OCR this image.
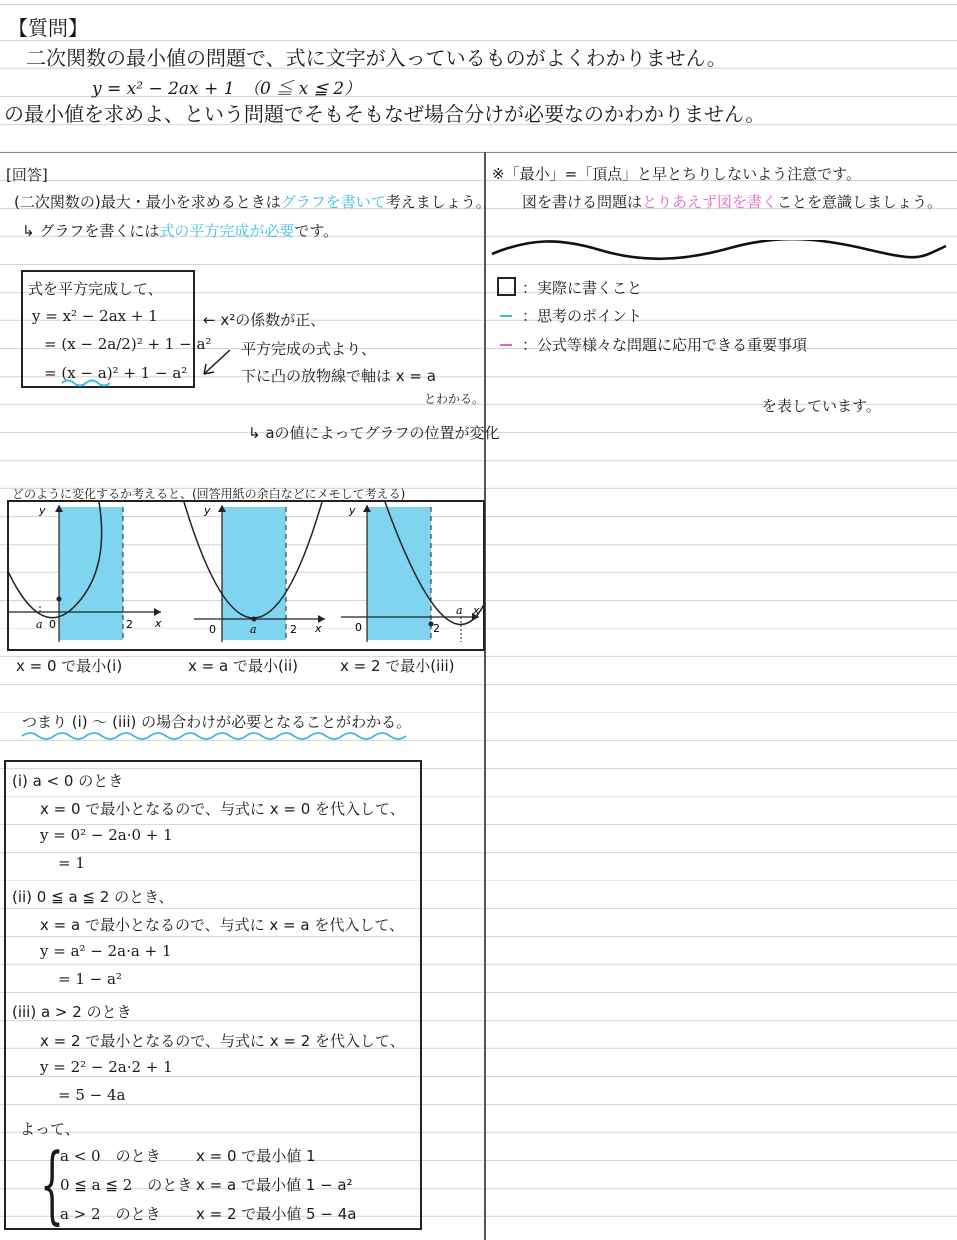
【質問】
二次関数の最小値の問題で、式に文字が入っているものがよくわかりません。
y = x² − 2ax + 1　（0 ≦ x ≦ 2）
の最小値を求めよ、という問題でそもそもなぜ場合分けが必要なのかわかりません。
[回答]
(二次関数の)最大・最小を求めるときはグラフを書いて考えましょう。
↳ グラフを書くには式の平方完成が必要です。
式を平方完成して、
y = x² − 2ax + 1
= (x − 2a/2)² + 1 − a²
= (x − a)² + 1 − a²
← x²の係数が正、
平方完成の式より、
下に凸の放物線で軸は x = a
とわかる。
↳ aの値によってグラフの位置が変化
どのように変化するか考えると、(回答用紙の余白などにメモして考える)
a 0	2 x
y
0	a	2 x
y
0	2
a x
y
x = 0 で最小(i)	x = a で最小(ii)	x = 2 で最小(iii)
つまり (i) 〜 (iii) の場合わけが必要となることがわかる。
(i) a < 0 のとき
x = 0 で最小となるので、与式に x = 0 を代入して、
y = 0² − 2a·0 + 1
= 1
(ii) 0 ≦ a ≦ 2 のとき、
x = a で最小となるので、与式に x = a を代入して、
y = a² − 2a·a + 1
= 1 − a²
(iii) a > 2 のとき
x = 2 で最小となるので、与式に x = 2 を代入して、
y = 2² − 2a·2 + 1
= 5 − 4a
よって、
{
a < 0　のとき x = 0 で最小値 1
0 ≦ a ≦ 2　のとき x = a で最小値 1 − a²
a > 2　のとき x = 2 で最小値 5 − 4a
※「最小」=「頂点」と早とちりしないよう注意です。
図を書ける問題はとりあえず図を書くことを意識しましょう。
：実際に書くこと
：思考のポイント
：公式等様々な問題に応用できる重要事項
を表しています。
